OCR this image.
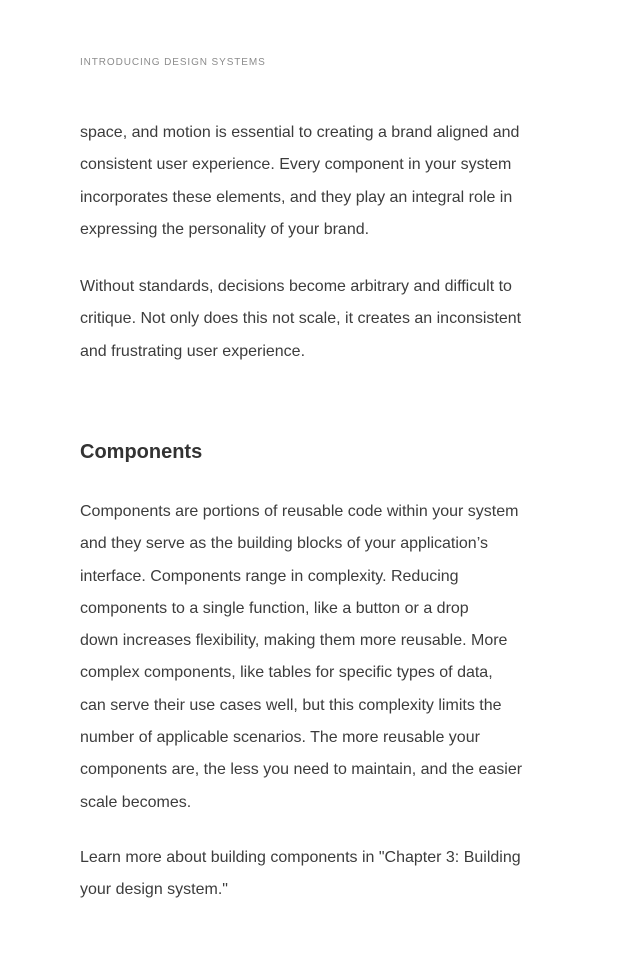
INTRODUCING DESIGN SYSTEMS

space, and motion is essential to creating a brand aligned and
consistent user experience. Every component in your system
incorporates these elements, and they play an integral role in
expressing the personality of your brand.

Without standards, decisions become arbitrary and difficult to
critique. Not only does this not scale, it creates an inconsistent
and frustrating user experience.

Components

Components are portions of reusable code within your system
and they serve as the building blocks of your application’s
interface. Components range in complexity. Reducing
components to a single function, like a button or a drop
down increases flexibility, making them more reusable. More
complex components, like tables for specific types of data,
can serve their use cases well, but this complexity limits the
number of applicable scenarios. The more reusable your
components are, the less you need to maintain, and the easier
scale becomes.

Learn more about building components in "Chapter 3: Building
your design system."
